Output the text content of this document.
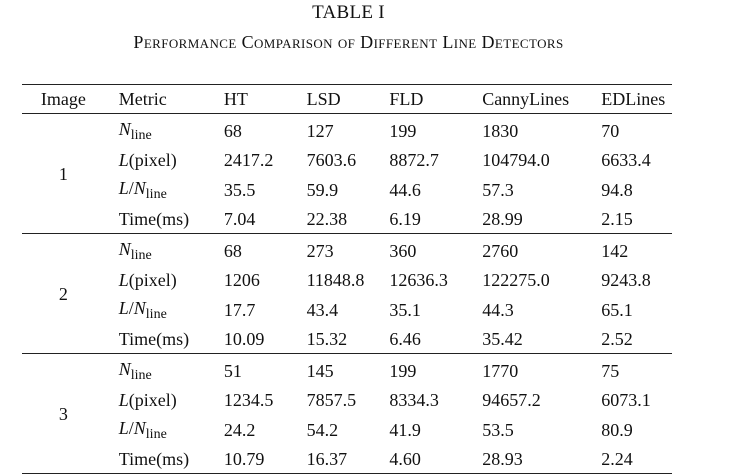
TABLE I
Performance Comparison of Different Line Detectors
Image	Metric	HT	LSD	FLD	CannyLines	EDLines
1	$N_{line}$	68	127	199	1830	70
	L(pixel)	2417.2	7603.6	8872.7	104794.0	6633.4
	$L/N_{line}$	35.5	59.9	44.6	57.3	94.8
	Time(ms)	7.04	22.38	6.19	28.99	2.15
2	$N_{line}$	68	273	360	2760	142
	L(pixel)	1206	11848.8	12636.3	122275.0	9243.8
	$L/N_{line}$	17.7	43.4	35.1	44.3	65.1
	Time(ms)	10.09	15.32	6.46	35.42	2.52
3	$N_{line}$	51	145	199	1770	75
	L(pixel)	1234.5	7857.5	8334.3	94657.2	6073.1
	$L/N_{line}$	24.2	54.2	41.9	53.5	80.9
	Time(ms)	10.79	16.37	4.60	28.93	2.24
